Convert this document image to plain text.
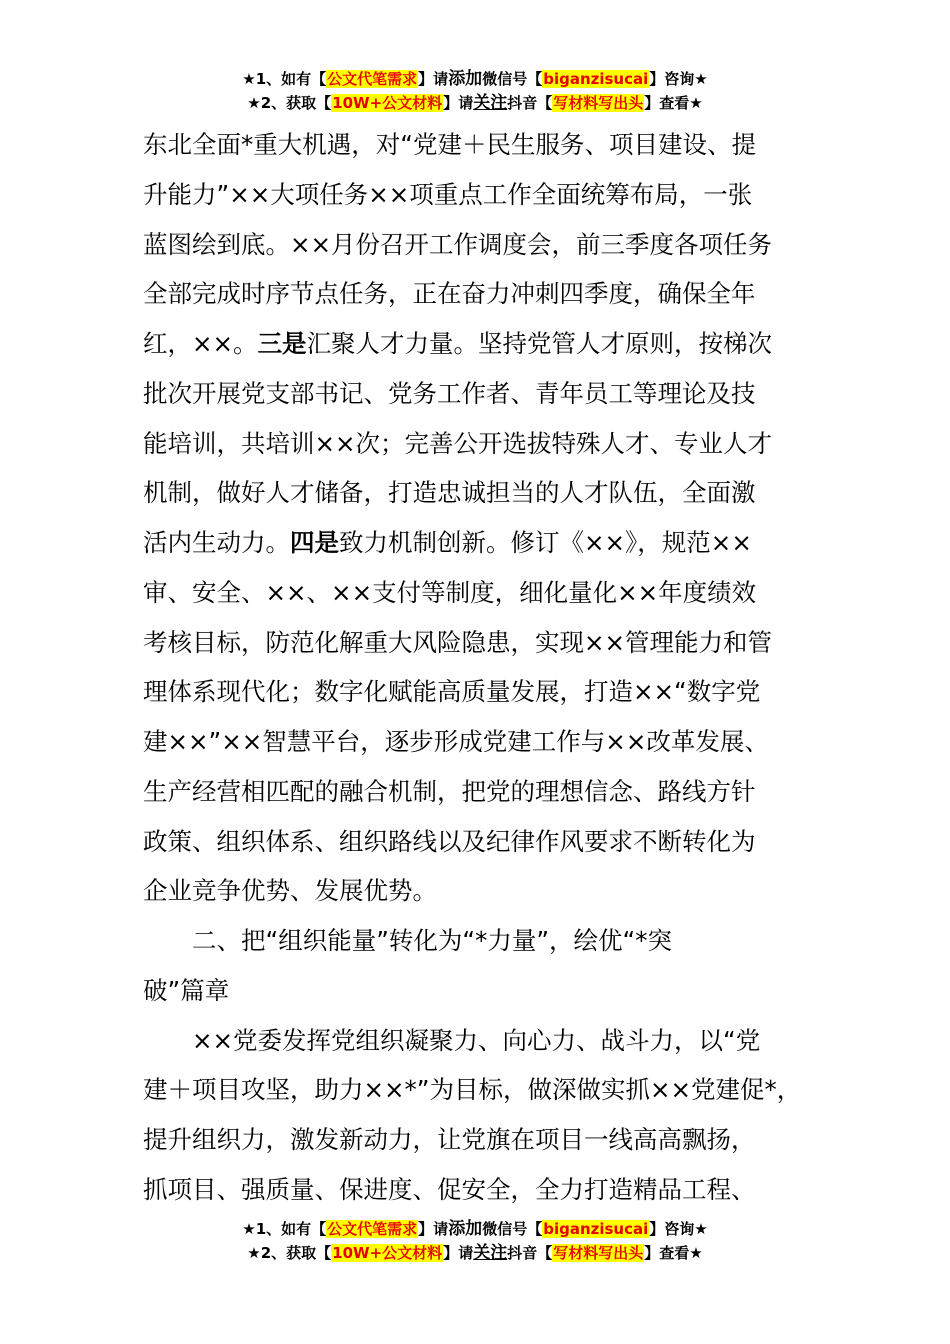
★1、如有【公文代笔需求】请添加微信号【biganzisucai】咨询★
★2、获取【10W+公文材料】请关注抖音【写材料写出头】查看★
东北全面*重大机遇，对“党建＋民生服务、项目建设、提
升能力”××大项任务××项重点工作全面统筹布局，一张
蓝图绘到底。××月份召开工作调度会，前三季度各项任务
全部完成时序节点任务，正在奋力冲刺四季度，确保全年
红，××。三是汇聚人才力量。坚持党管人才原则，按梯次
批次开展党支部书记、党务工作者、青年员工等理论及技
能培训，共培训××次；完善公开选拔特殊人才、专业人才
机制，做好人才储备，打造忠诚担当的人才队伍，全面激
活内生动力。四是致力机制创新。修订《××》，规范××
审、安全、××、××支付等制度，细化量化××年度绩效
考核目标，防范化解重大风险隐患，实现××管理能力和管
理体系现代化；数字化赋能高质量发展，打造××“数字党
建××”××智慧平台，逐步形成党建工作与××改革发展、
生产经营相匹配的融合机制，把党的理想信念、路线方针
政策、组织体系、组织路线以及纪律作风要求不断转化为
企业竞争优势、发展优势。
二、把“组织能量”转化为“*力量”，绘优“*突
破”篇章
××党委发挥党组织凝聚力、向心力、战斗力，以“党
建＋项目攻坚，助力××*”为目标，做深做实抓××党建促*，
提升组织力，激发新动力，让党旗在项目一线高高飘扬，
抓项目、强质量、保进度、促安全，全力打造精品工程、
★1、如有【公文代笔需求】请添加微信号【biganzisucai】咨询★
★2、获取【10W+公文材料】请关注抖音【写材料写出头】查看★
